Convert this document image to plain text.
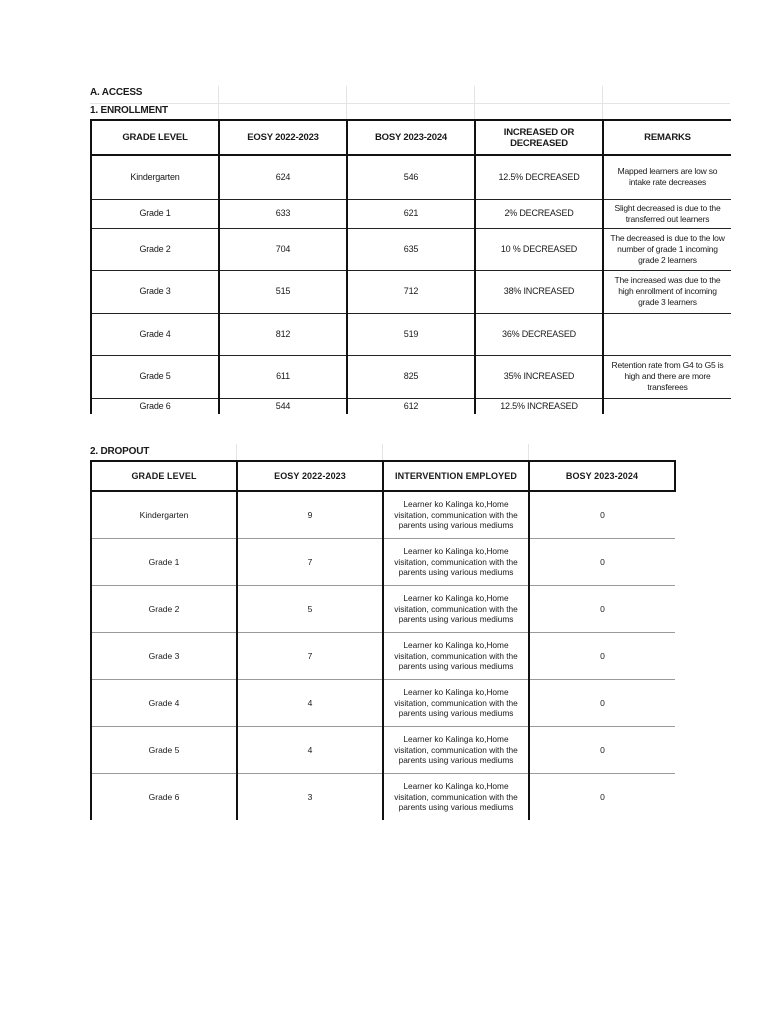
A. ACCESS
1. ENROLLMENT
GRADE LEVEL	EOSY 2022-2023	BOSY 2023-2024	INCREASED OR DECREASED	REMARKS
Kindergarten	624	546	12.5% DECREASED	Mapped learners are low so intake rate decreases
Grade 1	633	621	2% DECREASED	Slight decreased is due to the transferred out learners
Grade 2	704	635	10 % DECREASED	The decreased is due to the low number of grade 1 incoming grade 2 learners
Grade 3	515	712	38% INCREASED	The increased was due to the high enrollment of incoming grade 3 learners
Grade 4	812	519	36% DECREASED	
Grade 5	611	825	35% INCREASED	Retention rate from G4 to G5 is high and there are more transferees
Grade 6	544	612	12.5% INCREASED	
2. DROPOUT
GRADE LEVEL	EOSY 2022-2023	INTERVENTION EMPLOYED	BOSY 2023-2024
Kindergarten	9	Learner ko Kalinga ko,Home visitation, communication with the parents using various mediums	0
Grade 1	7	Learner ko Kalinga ko,Home visitation, communication with the parents using various mediums	0
Grade 2	5	Learner ko Kalinga ko,Home visitation, communication with the parents using various mediums	0
Grade 3	7	Learner ko Kalinga ko,Home visitation, communication with the parents using various mediums	0
Grade 4	4	Learner ko Kalinga ko,Home visitation, communication with the parents using various mediums	0
Grade 5	4	Learner ko Kalinga ko,Home visitation, communication with the parents using various mediums	0
Grade 6	3	Learner ko Kalinga ko,Home visitation, communication with the parents using various mediums	0
